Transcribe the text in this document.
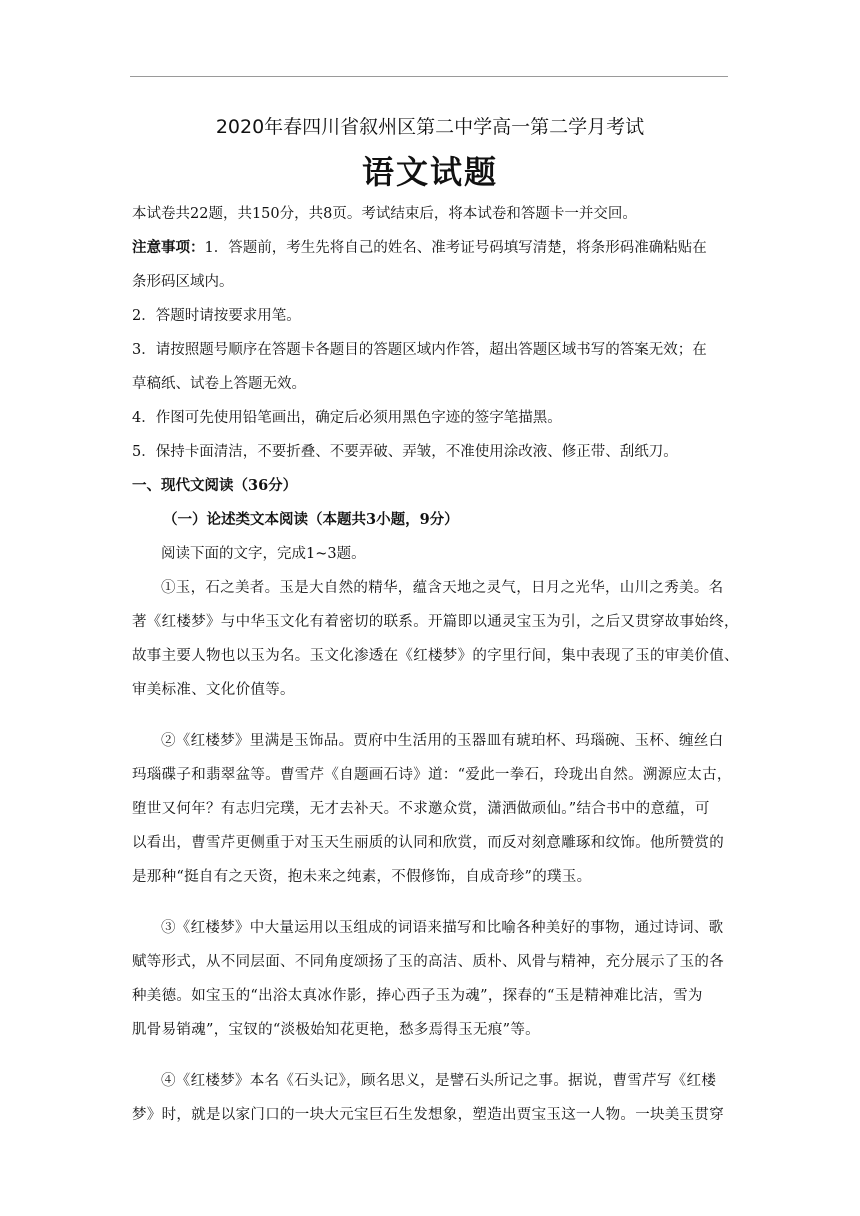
2020年春四川省叙州区第二中学高一第二学月考试
语文试题

本试卷共22题，共150分，共8页。考试结束后，将本试卷和答题卡一并交回。

注意事项：1．答题前，考生先将自己的姓名、准考证号码填写清楚，将条形码准确粘贴在

条形码区域内。

2．答题时请按要求用笔。

3．请按照题号顺序在答题卡各题目的答题区域内作答，超出答题区域书写的答案无效；在

草稿纸、试卷上答题无效。

4．作图可先使用铅笔画出，确定后必须用黑色字迹的签字笔描黑。

5．保持卡面清洁，不要折叠、不要弄破、弄皱，不准使用涂改液、修正带、刮纸刀。

一、现代文阅读（36分）

（一）论述类文本阅读（本题共3小题，9分）

阅读下面的文字，完成1~3题。

①玉，石之美者。玉是大自然的精华，蕴含天地之灵气，日月之光华，山川之秀美。名

著《红楼梦》与中华玉文化有着密切的联系。开篇即以通灵宝玉为引，之后又贯穿故事始终，

故事主要人物也以玉为名。玉文化渗透在《红楼梦》的字里行间，集中表现了玉的审美价值、

审美标准、文化价值等。

②《红楼梦》里满是玉饰品。贾府中生活用的玉器皿有琥珀杯、玛瑙碗、玉杯、缠丝白

玛瑙碟子和翡翠盆等。曹雪芹《自题画石诗》道：“爱此一拳石，玲珑出自然。溯源应太古，

堕世又何年？有志归完璞，无才去补天。不求邀众赏，潇洒做顽仙。”结合书中的意蕴，可

以看出，曹雪芹更侧重于对玉天生丽质的认同和欣赏，而反对刻意雕琢和纹饰。他所赞赏的

是那种“挺自有之天资，抱未来之纯素，不假修饰，自成奇珍”的璞玉。

③《红楼梦》中大量运用以玉组成的词语来描写和比喻各种美好的事物，通过诗词、歌

赋等形式，从不同层面、不同角度颂扬了玉的高洁、质朴、风骨与精神，充分展示了玉的各

种美德。如宝玉的“出浴太真冰作影，捧心西子玉为魂”，探春的“玉是精神难比洁，雪为

肌骨易销魂”，宝钗的“淡极始知花更艳，愁多焉得玉无痕”等。

④《红楼梦》本名《石头记》，顾名思义，是譬石头所记之事。据说，曹雪芹写《红楼

梦》时，就是以家门口的一块大元宝巨石生发想象，塑造出贾宝玉这一人物。一块美玉贯穿
